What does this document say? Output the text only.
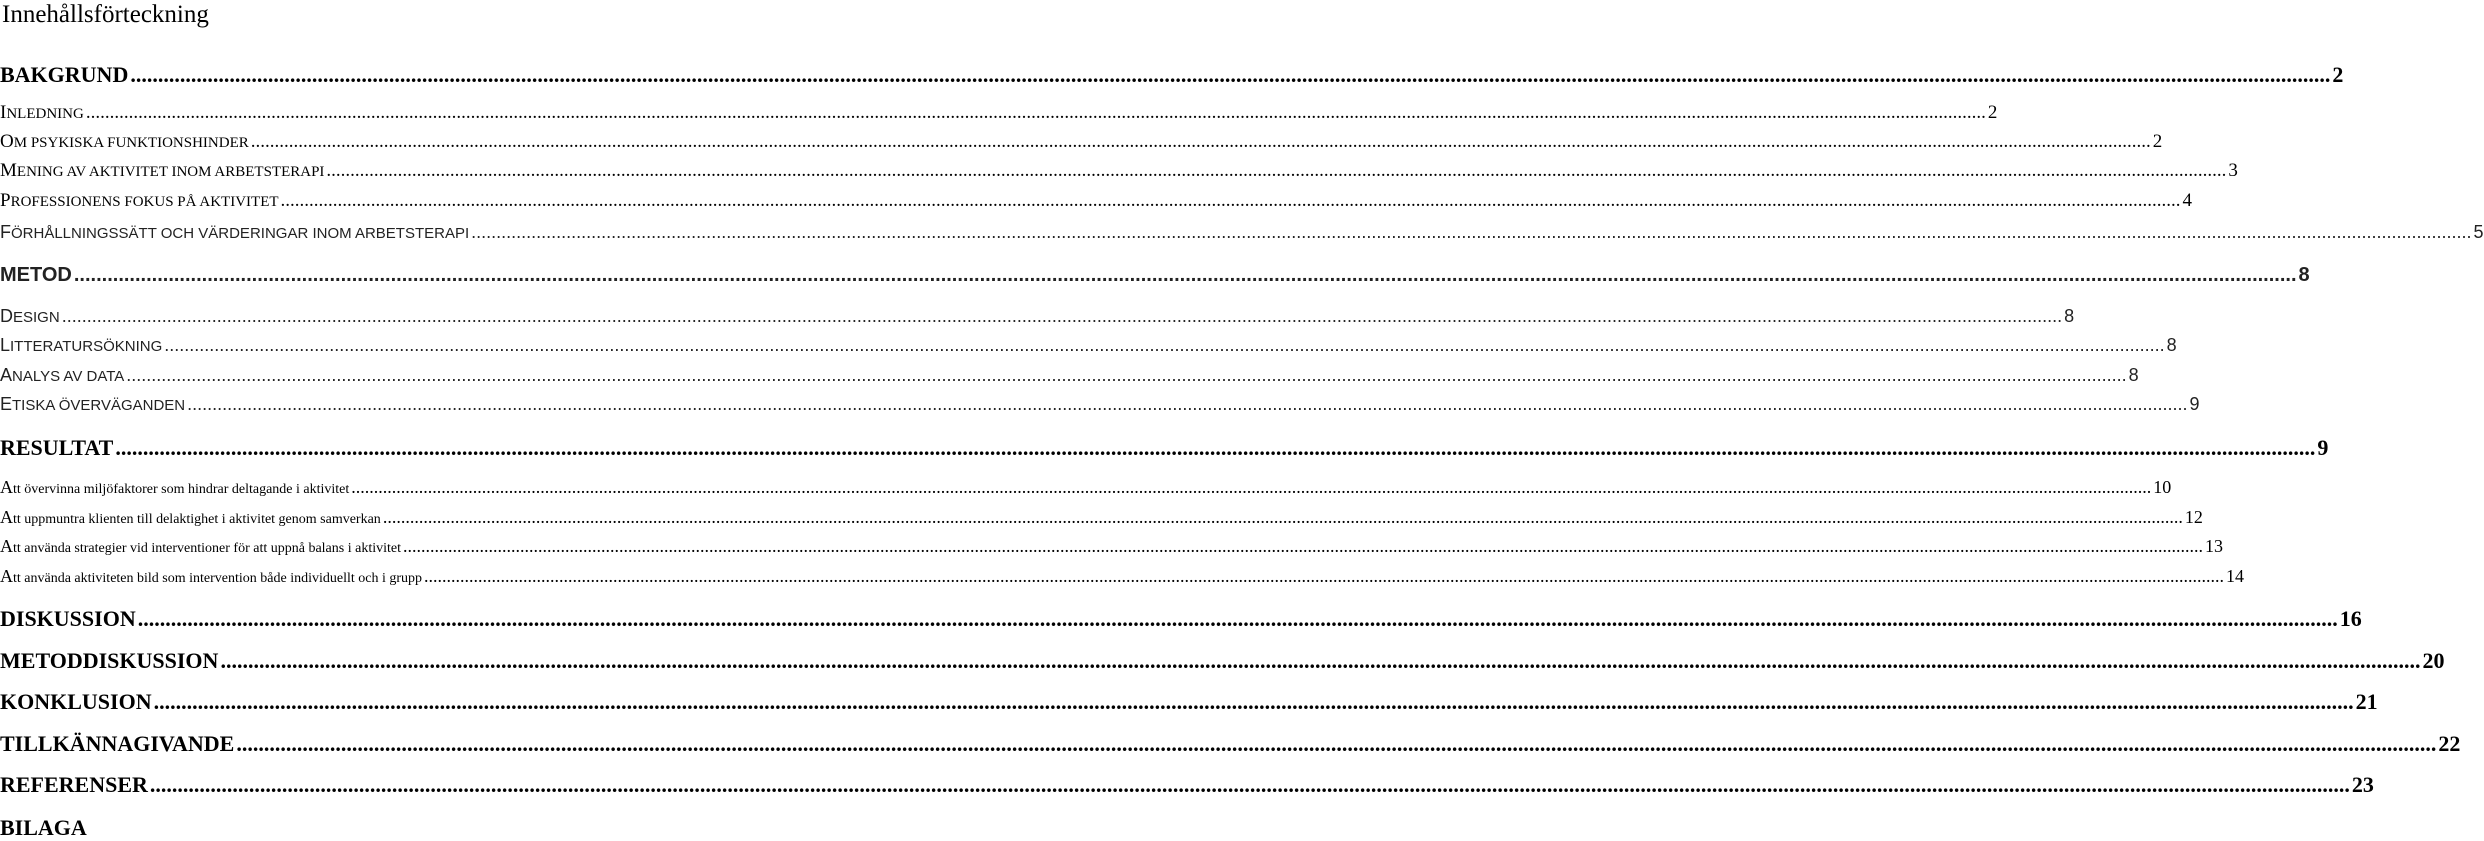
Innehållsförteckning
BAKGRUND ................................................................................................................................................................................................................................................................................................................................................................................................................ 2
INLEDNING ................................................................................................................................................................................................................................................................................................................................................................................................................ 2
OM PSYKISKA FUNKTIONSHINDER ................................................................................................................................................................................................................................................................................................................................................................................................................ 2
MENING AV AKTIVITET INOM ARBETSTERAPI ................................................................................................................................................................................................................................................................................................................................................................................................................ 3
PROFESSIONENS FOKUS PÅ AKTIVITET ................................................................................................................................................................................................................................................................................................................................................................................................................ 4
FÖRHÅLLNINGSSÄTT OCH VÄRDERINGAR INOM ARBETSTERAPI ................................................................................................................................................................................................................................................................................................................................................................................................................ 5
METOD ................................................................................................................................................................................................................................................................................................................................................................................................................ 8
DESIGN ................................................................................................................................................................................................................................................................................................................................................................................................................ 8
LITTERATURSÖKNING ................................................................................................................................................................................................................................................................................................................................................................................................................ 8
ANALYS AV DATA ................................................................................................................................................................................................................................................................................................................................................................................................................ 8
ETISKA ÖVERVÄGANDEN ................................................................................................................................................................................................................................................................................................................................................................................................................ 9
RESULTAT ................................................................................................................................................................................................................................................................................................................................................................................................................ 9
Att övervinna miljöfaktorer som hindrar deltagande i aktivitet ................................................................................................................................................................................................................................................................................................................................................................................................................ 10
Att uppmuntra klienten till delaktighet i aktivitet genom samverkan ................................................................................................................................................................................................................................................................................................................................................................................................................ 12
Att använda strategier vid interventioner för att uppnå balans i aktivitet ................................................................................................................................................................................................................................................................................................................................................................................................................ 13
Att använda aktiviteten bild som intervention både individuellt och i grupp ................................................................................................................................................................................................................................................................................................................................................................................................................ 14
DISKUSSION ................................................................................................................................................................................................................................................................................................................................................................................................................ 16
METODDISKUSSION ................................................................................................................................................................................................................................................................................................................................................................................................................ 20
KONKLUSION ................................................................................................................................................................................................................................................................................................................................................................................................................ 21
TILLKÄNNAGIVANDE ................................................................................................................................................................................................................................................................................................................................................................................................................ 22
REFERENSER ................................................................................................................................................................................................................................................................................................................................................................................................................ 23
BILAGA
